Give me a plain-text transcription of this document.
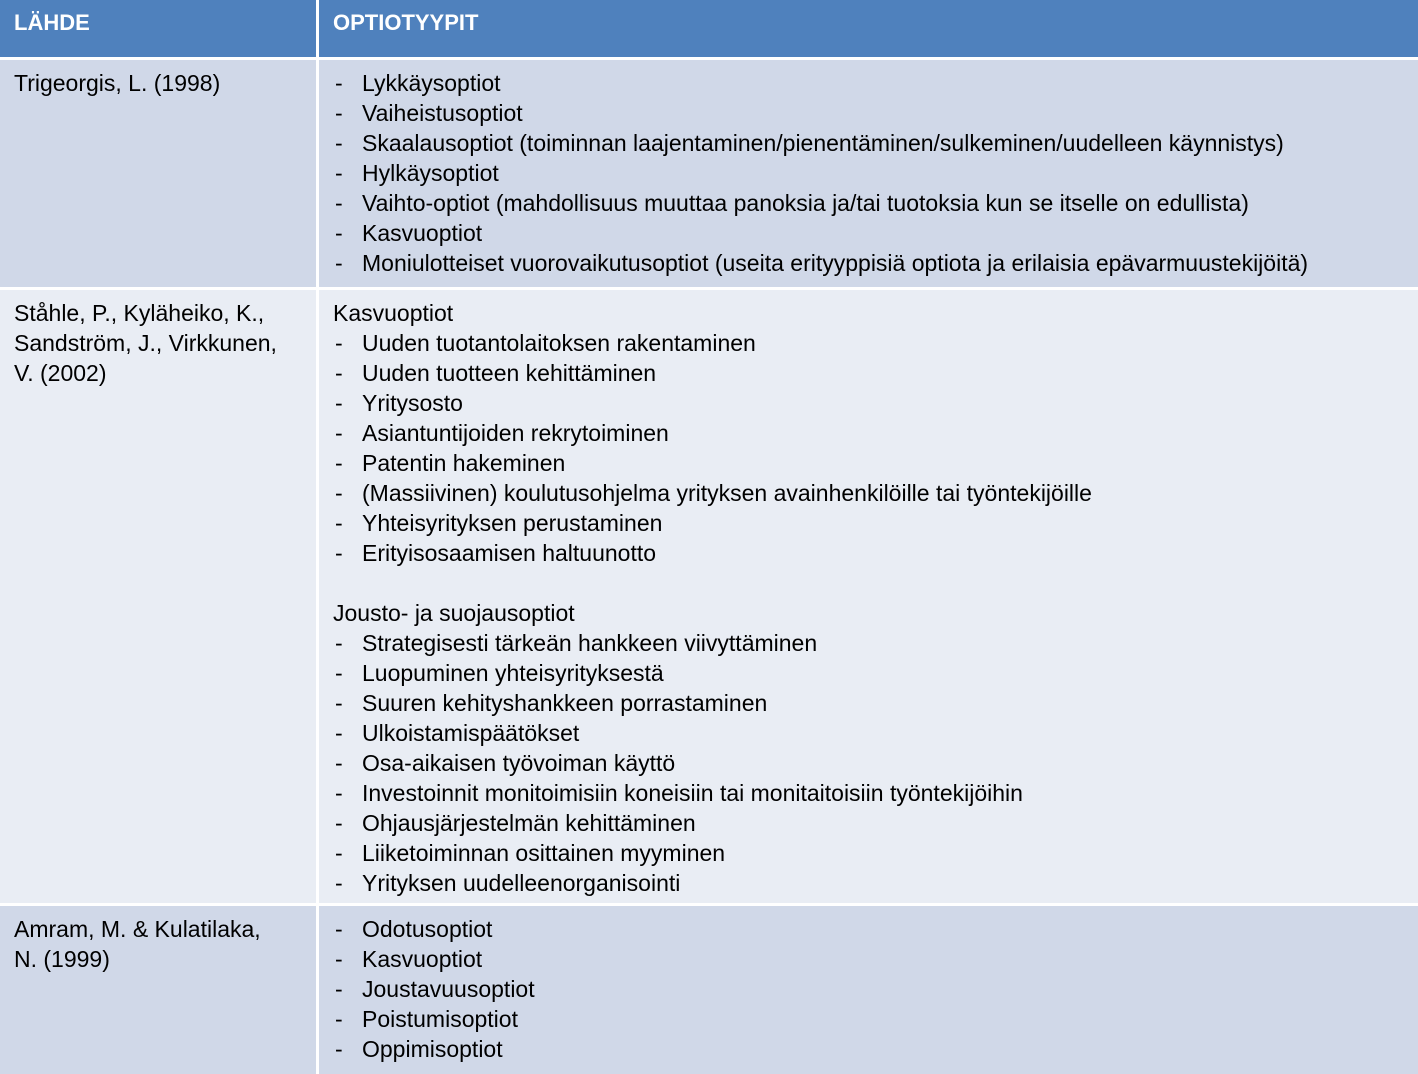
LÄHDE	OPTIOTYYPIT
Trigeorgis, L. (1998)
-	Lykkäysoptiot
- Vaiheistusoptiot
- Skaalausoptiot (toiminnan laajentaminen/pienentäminen/sulkeminen/uudelleen käynnistys)
- Hylkäysoptiot
- Vaihto-optiot (mahdollisuus muuttaa panoksia ja/tai tuotoksia kun se itselle on edullista)
- Kasvuoptiot
- Moniulotteiset vuorovaikutusoptiot (useita erityyppisiä optiota ja erilaisia epävarmuustekijöitä)
Ståhle, P., Kyläheiko, K.,
Sandström, J., Virkkunen,
V. (2002)
Kasvuoptiot
- Uuden tuotantolaitoksen rakentaminen
- Uuden tuotteen kehittäminen
- Yritysosto
- Asiantuntijoiden rekrytoiminen
- Patentin hakeminen
- (Massiivinen) koulutusohjelma yrityksen avainhenkilöille tai työntekijöille
- Yhteisyrityksen perustaminen
- Erityisosaamisen haltuunotto
Jousto- ja suojausoptiot
- Strategisesti tärkeän hankkeen viivyttäminen
- Luopuminen yhteisyrityksestä
- Suuren kehityshankkeen porrastaminen
- Ulkoistamispäätökset
- Osa-aikaisen työvoiman käyttö
- Investoinnit monitoimisiin koneisiin tai monitaitoisiin työntekijöihin
- Ohjausjärjestelmän kehittäminen
- Liiketoiminnan osittainen myyminen
- Yrityksen uudelleenorganisointi
Amram, M. & Kulatilaka,
N. (1999)
- Odotusoptiot
- Kasvuoptiot
- Joustavuusoptiot
- Poistumisoptiot
- Oppimisoptiot
